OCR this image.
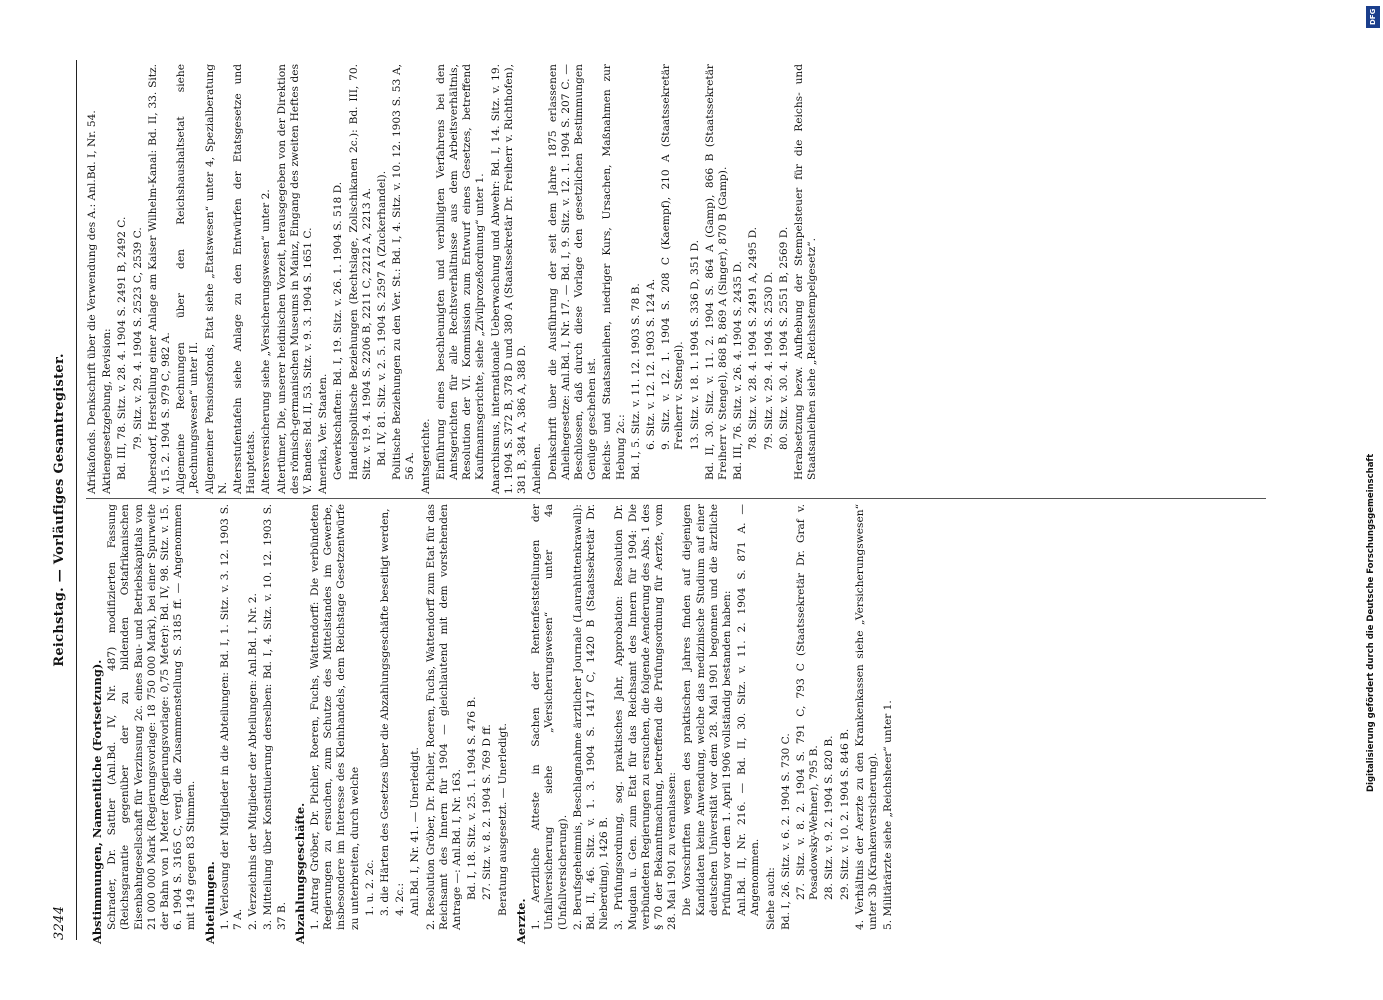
3244
Reichstag. — Vorläufiges Gesamtregister.

Abstimmungen, Namentliche (Fortsetzung). Schrader, Dr. Sattler (Anl.Bd. IV, Nr. 487) modifizierten Fassung (Reichsgarantie gegenüber der zu bildenden Ostafrikanischen Eisenbahngesellschaft für Verzinsung 2c. eines Bau- und Betriebskapitals von 21 000 000 Mark (Regierungsvorlage: 18 750 000 Mark), bei einer Spurweite der Bahn von 1 Meter (Regierungsvorlage: 0,75 Meter): Bd. IV, 98. Sitz. v. 15. 6. 1904 S. 3165 C, vergl. die Zusammenstellung S. 3185 ff. — Angenommen mit 149 gegen 83 Stimmen. Abteilungen. 1. Verlosung der Mitglieder in die Abteilungen: Bd. I, 1. Sitz. v. 3. 12. 1903 S. 7 A. 2. Verzeichnis der Mitglieder der Abteilungen: Anl.Bd. I, Nr. 2. 3. Mitteilung über Konstituierung derselben: Bd. I, 4. Sitz. v. 10. 12. 1903 S. 37 B. Abzahlungsgeschäfte. 1. Antrag Gröber, Dr. Pichler, Roeren, Fuchs, Wattendorff: Die verbündeten Regierungen zu ersuchen, zum Schutze des Mittelstandes im Gewerbe, insbesondere im Interesse des Kleinhandels, dem Reichstage Gesetzentwürfe zu unterbreiten, durch welche 1. u. 2. 2c. 3. die Härten des Gesetzes über die Abzahlungsgeschäfte beseitigt werden, 4. 2c.: Anl.Bd. I, Nr. 41. — Unerledigt. 2. Resolution Gröber, Dr. Pichler, Roeren, Fuchs, Wattendorff zum Etat für das Reichsamt des Innern für 1904 — gleichlautend mit dem vorstehenden Antrage —: Anl.Bd. I, Nr. 163. Bd. I, 18. Sitz. v. 25. 1. 1904 S. 476 B. 27. Sitz. v. 8. 2. 1904 S. 769 D ff. Beratung ausgesetzt. — Unerledigt.

Aerzte. 1. Aerztliche Atteste in Sachen der Rentenfeststellungen der Unfallversicherung siehe „Versicherungswesen“ unter 4a (Unfallversicherung). 2. Berufsgeheimnis, Beschlagnahme ärztlicher Journale (Laurahüttenkrawall): Bd. II, 46. Sitz. v. 1. 3. 1904 S. 1417 C, 1420 B (Staatssekretär Dr. Nieberding), 1426 B. 3. Prüfungsordnung, sog. praktisches Jahr, Approbation: Resolution Dr. Mugdan u. Gen. zum Etat für das Reichsamt des Innern für 1904: Die verbündeten Regierungen zu ersuchen, die folgende Aenderung des Abs. 1 des § 70 der Bekanntmachung, betreffend die Prüfungsordnung für Aerzte, vom 28. Mai 1901 zu veranlassen: Die Vorschriften wegen des praktischen Jahres finden auf diejenigen Kandidaten keine Anwendung, welche das medizinische Studium auf einer deutschen Universität vor dem 28. Mai 1901 begonnen und die ärztliche Prüfung vor dem 1. April 1906 vollständig bestanden haben: Anl.Bd. II, Nr. 216. — Bd. II, 30. Sitz. v. 11. 2. 1904 S. 871 A. — Angenommen. Siehe auch: Bd. I, 26. Sitz. v. 6. 2. 1904 S. 730 C. 27. Sitz. v. 8. 2. 1904 S. 791 C, 793 C (Staatssekretär Dr. Graf v. Posadowsky-Wehner), 795 B. 28. Sitz. v. 9. 2. 1904 S. 820 B. 29. Sitz. v. 10. 2. 1904 S. 846 B. 4. Verhältnis der Aerzte zu den Krankenkassen siehe „Versicherungswesen“ unter 3b (Krankenversicherung). 5. Militärärzte siehe „Reichsheer“ unter 1.

Afrikafonds. Denkschrift über die Verwendung des A.: Anl.Bd. I, Nr. 54. Aktiengesetzgebung, Revision: Bd. III, 78. Sitz. v. 28. 4. 1904 S. 2491 B, 2492 C. 79. Sitz. v. 29. 4. 1904 S. 2523 C, 2539 C. Albersdorf, Herstellung einer Anlage am Kaiser Wilhelm-Kanal: Bd. II, 33. Sitz. v. 15. 2. 1904 S. 979 C, 982 A. Allgemeine Rechnungen über den Reichshaushaltsetat siehe „Rechnungswesen“ unter II. Allgemeiner Pensionsfonds, Etat siehe „Etatswesen“ unter 4, Spezialberatung N. Altersstufentafeln siehe Anlage zu den Entwürfen der Etatsgesetze und Hauptetats. Altersversicherung siehe „Versicherungswesen“ unter 2. Altertümer, Die, unserer heidnischen Vorzeit, herausgegeben von der Direktion des römisch-germanischen Museums in Mainz, Eingang des zweiten Heftes des V. Bandes: Bd. II, 53. Sitz. v. 9. 3. 1904 S. 1651 C. Amerika, Ver. Staaten. Gewerkschaften: Bd. I, 19. Sitz. v. 26. 1. 1904 S. 518 D. Handelspolitische Beziehungen (Rechtslage, Zollschikanen 2c.): Bd. III, 70. Sitz. v. 19. 4. 1904 S. 2206 B, 2211 C, 2212 A, 2213 A. Bd. IV, 81. Sitz. v. 2. 5. 1904 S. 2597 A (Zuckerhandel). Politische Beziehungen zu den Ver. St.: Bd. I, 4. Sitz. v. 10. 12. 1903 S. 53 A, 56 A. Amtsgerichte. Einführung eines beschleunigten und verbilligten Verfahrens bei den Amtsgerichten für alle Rechtsverhältnisse aus dem Arbeitsverhältnis, Resolution der VI. Kommission zum Entwurf eines Gesetzes, betreffend Kaufmannsgerichte, siehe „Zivilprozeßordnung“ unter 1. Anarchismus, internationale Ueberwachung und Abwehr: Bd. I, 14. Sitz. v. 19. 1. 1904 S. 372 B, 378 D und 380 A (Staatssekretär Dr. Freiherr v. Richthofen), 381 B, 384 A, 386 A, 388 D. Anleihen. Denkschrift über die Ausführung der seit dem Jahre 1875 erlassenen Anleihegesetze: Anl.Bd. I, Nr. 17. — Bd. I, 9. Sitz. v. 12. 1. 1904 S. 207 C. — Beschlossen, daß durch diese Vorlage den gesetzlichen Bestimmungen Genüge geschehen ist. Reichs- und Staatsanleihen, niedriger Kurs, Ursachen, Maßnahmen zur Hebung 2c.: Bd. I, 5. Sitz. v. 11. 12. 1903 S. 78 B. 6. Sitz. v. 12. 12. 1903 S. 124 A. 9. Sitz. v. 12. 1. 1904 S. 208 C (Kaempf), 210 A (Staatssekretär Freiherr v. Stengel). 13. Sitz. v. 18. 1. 1904 S. 336 D, 351 D. Bd. II, 30. Sitz. v. 11. 2. 1904 S. 864 A (Gamp), 866 B (Staatssekretär Freiherr v. Stengel), 868 B, 869 A (Singer), 870 B (Gamp). Bd. III, 76. Sitz. v. 26. 4. 1904 S. 2435 D. 78. Sitz. v. 28. 4. 1904 S. 2491 A, 2495 D. 79. Sitz. v. 29. 4. 1904 S. 2530 D. 80. Sitz. v. 30. 4. 1904 S. 2551 B, 2569 D. Herabsetzung bezw. Aufhebung der Stempelsteuer für die Reichs- und Staatsanleihen siehe „Reichsstempelgesetz“.

DFG
Digitalisierung gefördert durch die Deutsche Forschungsgemeinschaft
